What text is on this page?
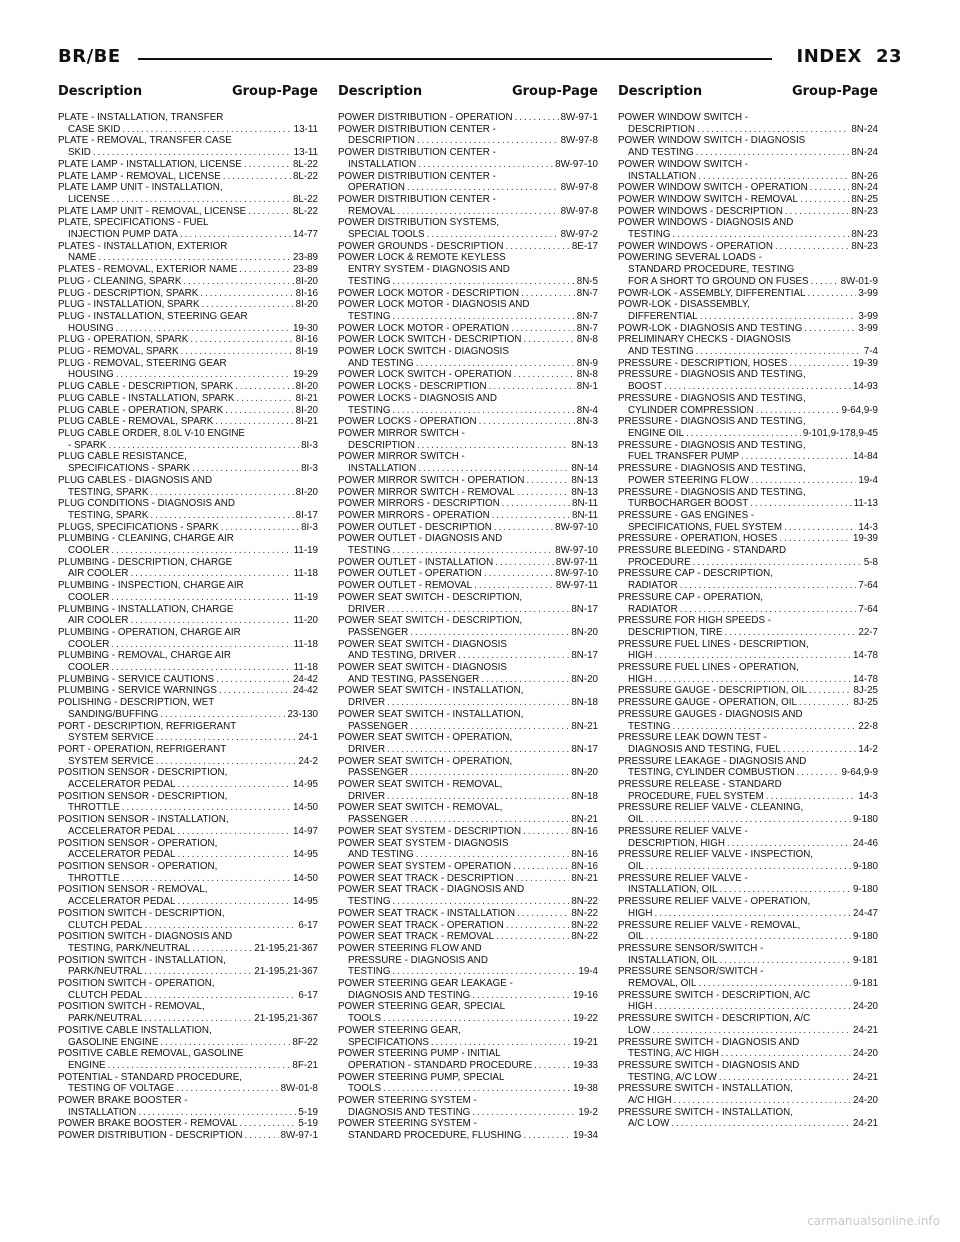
BR/BE	INDEX 23
Description	Group-Page Description	Group-Page Description	Group-Page
PLATE - INSTALLATION, TRANSFER
CASE SKID .....	13-11
PLATE - REMOVAL, TRANSFER CASE
SKID .....	13-11
PLATE LAMP - INSTALLATION, LICENSE .....	8L-22
PLATE LAMP - REMOVAL, LICENSE .....	8L-22
PLATE LAMP UNIT - INSTALLATION,
LICENSE .....	8L-22
PLATE LAMP UNIT - REMOVAL, LICENSE .....	8L-22
PLATE, SPECIFICATIONS - FUEL
INJECTION PUMP DATA .....	14-77
PLATES - INSTALLATION, EXTERIOR
NAME .....	23-89
PLATES - REMOVAL, EXTERIOR NAME .....	23-89
PLUG - CLEANING, SPARK .....	8I-20
PLUG - DESCRIPTION, SPARK .....	8I-16
PLUG - INSTALLATION, SPARK .....	8I-20
PLUG - INSTALLATION, STEERING GEAR
HOUSING .....	19-30
PLUG - OPERATION, SPARK .....	8I-16
PLUG - REMOVAL, SPARK .....	8I-19
PLUG - REMOVAL, STEERING GEAR
HOUSING .....	19-29
PLUG CABLE - DESCRIPTION, SPARK .....	8I-20
PLUG CABLE - INSTALLATION, SPARK .....	8I-21
PLUG CABLE - OPERATION, SPARK .....	8I-20
PLUG CABLE - REMOVAL, SPARK .....	8I-21
PLUG CABLE ORDER, 8.0L V-10 ENGINE
- SPARK .....	8I-3
PLUG CABLE RESISTANCE,
SPECIFICATIONS - SPARK .....	8I-3
PLUG CABLES - DIAGNOSIS AND
TESTING, SPARK .....	8I-20
PLUG CONDITIONS - DIAGNOSIS AND
TESTING, SPARK .....	8I-17
PLUGS, SPECIFICATIONS - SPARK .....	8I-3
PLUMBING - CLEANING, CHARGE AIR
COOLER .....	11-19
PLUMBING - DESCRIPTION, CHARGE
AIR COOLER .....	11-18
PLUMBING - INSPECTION, CHARGE AIR
COOLER .....	11-19
PLUMBING - INSTALLATION, CHARGE
AIR COOLER .....	11-20
PLUMBING - OPERATION, CHARGE AIR
COOLER .....	11-18
PLUMBING - REMOVAL, CHARGE AIR
COOLER .....	11-18
PLUMBING - SERVICE CAUTIONS .....	24-42
PLUMBING - SERVICE WARNINGS .....	24-42
POLISHING - DESCRIPTION, WET
SANDING/BUFFING .....	23-130
PORT - DESCRIPTION, REFRIGERANT
SYSTEM SERVICE .....	24-1
PORT - OPERATION, REFRIGERANT
SYSTEM SERVICE .....	24-2
POSITION SENSOR - DESCRIPTION,
ACCELERATOR PEDAL .....	14-95
POSITION SENSOR - DESCRIPTION,
THROTTLE .....	14-50
POSITION SENSOR - INSTALLATION,
ACCELERATOR PEDAL .....	14-97
POSITION SENSOR - OPERATION,
ACCELERATOR PEDAL .....	14-95
POSITION SENSOR - OPERATION,
THROTTLE .....	14-50
POSITION SENSOR - REMOVAL,
ACCELERATOR PEDAL .....	14-95
POSITION SWITCH - DESCRIPTION,
CLUTCH PEDAL .....	6-17
POSITION SWITCH - DIAGNOSIS AND
TESTING, PARK/NEUTRAL .....	21-195,21-367
POSITION SWITCH - INSTALLATION,
PARK/NEUTRAL .....	21-195,21-367
POSITION SWITCH - OPERATION,
CLUTCH PEDAL .....	6-17
POSITION SWITCH - REMOVAL,
PARK/NEUTRAL .....	21-195,21-367
POSITIVE CABLE INSTALLATION,
GASOLINE ENGINE .....	8F-22
POSITIVE CABLE REMOVAL, GASOLINE
ENGINE .....	8F-21
POTENTIAL - STANDARD PROCEDURE,
TESTING OF VOLTAGE .....	8W-01-8
POWER BRAKE BOOSTER -
INSTALLATION .....	5-19
POWER BRAKE BOOSTER - REMOVAL .....	5-19
POWER DISTRIBUTION - DESCRIPTION .....	8W-97-1
POWER DISTRIBUTION - OPERATION .....	8W-97-1
POWER DISTRIBUTION CENTER -
DESCRIPTION .....	8W-97-8
POWER DISTRIBUTION CENTER -
INSTALLATION .....	8W-97-10
POWER DISTRIBUTION CENTER -
OPERATION .....	8W-97-8
POWER DISTRIBUTION CENTER -
REMOVAL .....	8W-97-8
POWER DISTRIBUTION SYSTEMS,
SPECIAL TOOLS .....	8W-97-2
POWER GROUNDS - DESCRIPTION .....	8E-17
POWER LOCK & REMOTE KEYLESS
ENTRY SYSTEM - DIAGNOSIS AND
TESTING .....	8N-5
POWER LOCK MOTOR - DESCRIPTION .....	8N-7
POWER LOCK MOTOR - DIAGNOSIS AND
TESTING .....	8N-7
POWER LOCK MOTOR - OPERATION .....	8N-7
POWER LOCK SWITCH - DESCRIPTION .....	8N-8
POWER LOCK SWITCH - DIAGNOSIS
AND TESTING .....	8N-9
POWER LOCK SWITCH - OPERATION .....	8N-8
POWER LOCKS - DESCRIPTION .....	8N-1
POWER LOCKS - DIAGNOSIS AND
TESTING .....	8N-4
POWER LOCKS - OPERATION .....	8N-3
POWER MIRROR SWITCH -
DESCRIPTION .....	8N-13
POWER MIRROR SWITCH -
INSTALLATION .....	8N-14
POWER MIRROR SWITCH - OPERATION .....	8N-13
POWER MIRROR SWITCH - REMOVAL .....	8N-13
POWER MIRRORS - DESCRIPTION .....	8N-11
POWER MIRRORS - OPERATION .....	8N-11
POWER OUTLET - DESCRIPTION .....	8W-97-10
POWER OUTLET - DIAGNOSIS AND
TESTING .....	8W-97-10
POWER OUTLET - INSTALLATION .....	8W-97-11
POWER OUTLET - OPERATION .....	8W-97-10
POWER OUTLET - REMOVAL .....	8W-97-11
POWER SEAT SWITCH - DESCRIPTION,
DRIVER .....	8N-17
POWER SEAT SWITCH - DESCRIPTION,
PASSENGER .....	8N-20
POWER SEAT SWITCH - DIAGNOSIS
AND TESTING, DRIVER .....	8N-17
POWER SEAT SWITCH - DIAGNOSIS
AND TESTING, PASSENGER .....	8N-20
POWER SEAT SWITCH - INSTALLATION,
DRIVER .....	8N-18
POWER SEAT SWITCH - INSTALLATION,
PASSENGER .....	8N-21
POWER SEAT SWITCH - OPERATION,
DRIVER .....	8N-17
POWER SEAT SWITCH - OPERATION,
PASSENGER .....	8N-20
POWER SEAT SWITCH - REMOVAL,
DRIVER .....	8N-18
POWER SEAT SWITCH - REMOVAL,
PASSENGER .....	8N-21
POWER SEAT SYSTEM - DESCRIPTION .....	8N-16
POWER SEAT SYSTEM - DIAGNOSIS
AND TESTING .....	8N-16
POWER SEAT SYSTEM - OPERATION .....	8N-16
POWER SEAT TRACK - DESCRIPTION .....	8N-21
POWER SEAT TRACK - DIAGNOSIS AND
TESTING .....	8N-22
POWER SEAT TRACK - INSTALLATION .....	8N-22
POWER SEAT TRACK - OPERATION .....	8N-22
POWER SEAT TRACK - REMOVAL .....	8N-22
POWER STEERING FLOW AND
PRESSURE - DIAGNOSIS AND
TESTING .....	19-4
POWER STEERING GEAR LEAKAGE -
DIAGNOSIS AND TESTING .....	19-16
POWER STEERING GEAR, SPECIAL
TOOLS .....	19-22
POWER STEERING GEAR,
SPECIFICATIONS .....	19-21
POWER STEERING PUMP - INITIAL
OPERATION - STANDARD PROCEDURE .....	19-33
POWER STEERING PUMP, SPECIAL
TOOLS .....	19-38
POWER STEERING SYSTEM -
DIAGNOSIS AND TESTING .....	19-2
POWER STEERING SYSTEM -
STANDARD PROCEDURE, FLUSHING .....	19-34
POWER WINDOW SWITCH -
DESCRIPTION .....	8N-24
POWER WINDOW SWITCH - DIAGNOSIS
AND TESTING .....	8N-24
POWER WINDOW SWITCH -
INSTALLATION .....	8N-26
POWER WINDOW SWITCH - OPERATION .....	8N-24
POWER WINDOW SWITCH - REMOVAL .....	8N-25
POWER WINDOWS - DESCRIPTION .....	8N-23
POWER WINDOWS - DIAGNOSIS AND
TESTING .....	8N-23
POWER WINDOWS - OPERATION .....	8N-23
POWERING SEVERAL LOADS -
STANDARD PROCEDURE, TESTING
FOR A SHORT TO GROUND ON FUSES .....	8W-01-9
POWR-LOK - ASSEMBLY, DIFFERENTIAL .....	3-99
POWR-LOK - DISASSEMBLY,
DIFFERENTIAL .....	3-99
POWR-LOK - DIAGNOSIS AND TESTING .....	3-99
PRELIMINARY CHECKS - DIAGNOSIS
AND TESTING .....	7-4
PRESSURE - DESCRIPTION, HOSES .....	19-39
PRESSURE - DIAGNOSIS AND TESTING,
BOOST .....	14-93
PRESSURE - DIAGNOSIS AND TESTING,
CYLINDER COMPRESSION .....	9-64,9-9
PRESSURE - DIAGNOSIS AND TESTING,
ENGINE OIL .....	9-101,9-178,9-45
PRESSURE - DIAGNOSIS AND TESTING,
FUEL TRANSFER PUMP .....	14-84
PRESSURE - DIAGNOSIS AND TESTING,
POWER STEERING FLOW .....	19-4
PRESSURE - DIAGNOSIS AND TESTING,
TURBOCHARGER BOOST .....	11-13
PRESSURE - GAS ENGINES -
SPECIFICATIONS, FUEL SYSTEM .....	14-3
PRESSURE - OPERATION, HOSES .....	19-39
PRESSURE BLEEDING - STANDARD
PROCEDURE .....	5-8
PRESSURE CAP - DESCRIPTION,
RADIATOR .....	7-64
PRESSURE CAP - OPERATION,
RADIATOR .....	7-64
PRESSURE FOR HIGH SPEEDS -
DESCRIPTION, TIRE .....	22-7
PRESSURE FUEL LINES - DESCRIPTION,
HIGH .....	14-78
PRESSURE FUEL LINES - OPERATION,
HIGH .....	14-78
PRESSURE GAUGE - DESCRIPTION, OIL .....	8J-25
PRESSURE GAUGE - OPERATION, OIL .....	8J-25
PRESSURE GAUGES - DIAGNOSIS AND
TESTING .....	22-8
PRESSURE LEAK DOWN TEST -
DIAGNOSIS AND TESTING, FUEL .....	14-2
PRESSURE LEAKAGE - DIAGNOSIS AND
TESTING, CYLINDER COMBUSTION .....	9-64,9-9
PRESSURE RELEASE - STANDARD
PROCEDURE, FUEL SYSTEM .....	14-3
PRESSURE RELIEF VALVE - CLEANING,
OIL .....	9-180
PRESSURE RELIEF VALVE -
DESCRIPTION, HIGH .....	24-46
PRESSURE RELIEF VALVE - INSPECTION,
OIL .....	9-180
PRESSURE RELIEF VALVE -
INSTALLATION, OIL .....	9-180
PRESSURE RELIEF VALVE - OPERATION,
HIGH .....	24-47
PRESSURE RELIEF VALVE - REMOVAL,
OIL .....	9-180
PRESSURE SENSOR/SWITCH -
INSTALLATION, OIL .....	9-181
PRESSURE SENSOR/SWITCH -
REMOVAL, OIL .....	9-181
PRESSURE SWITCH - DESCRIPTION, A/C
HIGH .....	24-20
PRESSURE SWITCH - DESCRIPTION, A/C
LOW .....	24-21
PRESSURE SWITCH - DIAGNOSIS AND
TESTING, A/C HIGH .....	24-20
PRESSURE SWITCH - DIAGNOSIS AND
TESTING, A/C LOW .....	24-21
PRESSURE SWITCH - INSTALLATION,
A/C HIGH .....	24-20
PRESSURE SWITCH - INSTALLATION,
A/C LOW .....	24-21
carmanualsonline.info
